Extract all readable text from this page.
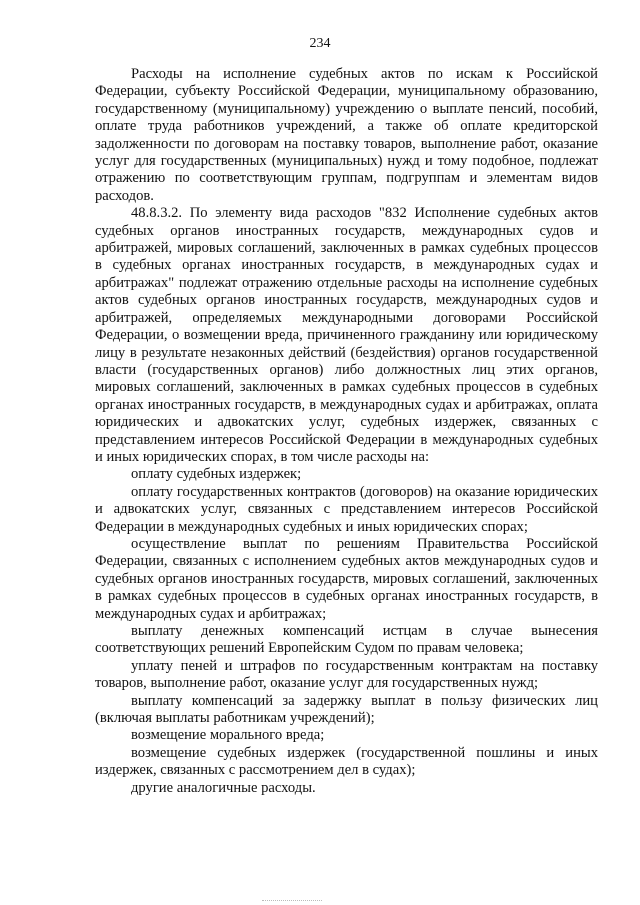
234

Расходы на исполнение судебных актов по искам к Российской Федерации, субъекту Российской Федерации, муниципальному образованию, государственному (муниципальному) учреждению о выплате пенсий, пособий, оплате труда работников учреждений, а также об оплате кредиторской задолженности по договорам на поставку товаров, выполнение работ, оказание услуг для государственных (муниципальных) нужд и тому подобное, подлежат отражению по соответствующим группам, подгруппам и элементам видов расходов.

48.8.3.2. По элементу вида расходов "832 Исполнение судебных актов судебных органов иностранных государств, международных судов и арбитражей, мировых соглашений, заключенных в рамках судебных процессов в судебных органах иностранных государств, в международных судах и арбитражах" подлежат отражению отдельные расходы на исполнение судебных актов судебных органов иностранных государств, международных судов и арбитражей, определяемых международными договорами Российской Федерации, о возмещении вреда, причиненного гражданину или юридическому лицу в результате незаконных действий (бездействия) органов государственной власти (государственных органов) либо должностных лиц этих органов, мировых соглашений, заключенных в рамках судебных процессов в судебных органах иностранных государств, в международных судах и арбитражах, оплата юридических и адвокатских услуг, судебных издержек, связанных с представлением интересов Российской Федерации в международных судебных и иных юридических спорах, в том числе расходы на:

оплату судебных издержек;

оплату государственных контрактов (договоров) на оказание юридических и адвокатских услуг, связанных с представлением интересов Российской Федерации в международных судебных и иных юридических спорах;

осуществление выплат по решениям Правительства Российской Федерации, связанных с исполнением судебных актов международных судов и судебных органов иностранных государств, мировых соглашений, заключенных в рамках судебных процессов в судебных органах иностранных государств, в международных судах и арбитражах;

выплату денежных компенсаций истцам в случае вынесения соответствующих решений Европейским Судом по правам человека;

уплату пеней и штрафов по государственным контрактам на поставку товаров, выполнение работ, оказание услуг для государственных нужд;

выплату компенсаций за задержку выплат в пользу физических лиц (включая выплаты работникам учреждений);

возмещение морального вреда;

возмещение судебных издержек (государственной пошлины и иных издержек, связанных с рассмотрением дел в судах);

другие аналогичные расходы.
